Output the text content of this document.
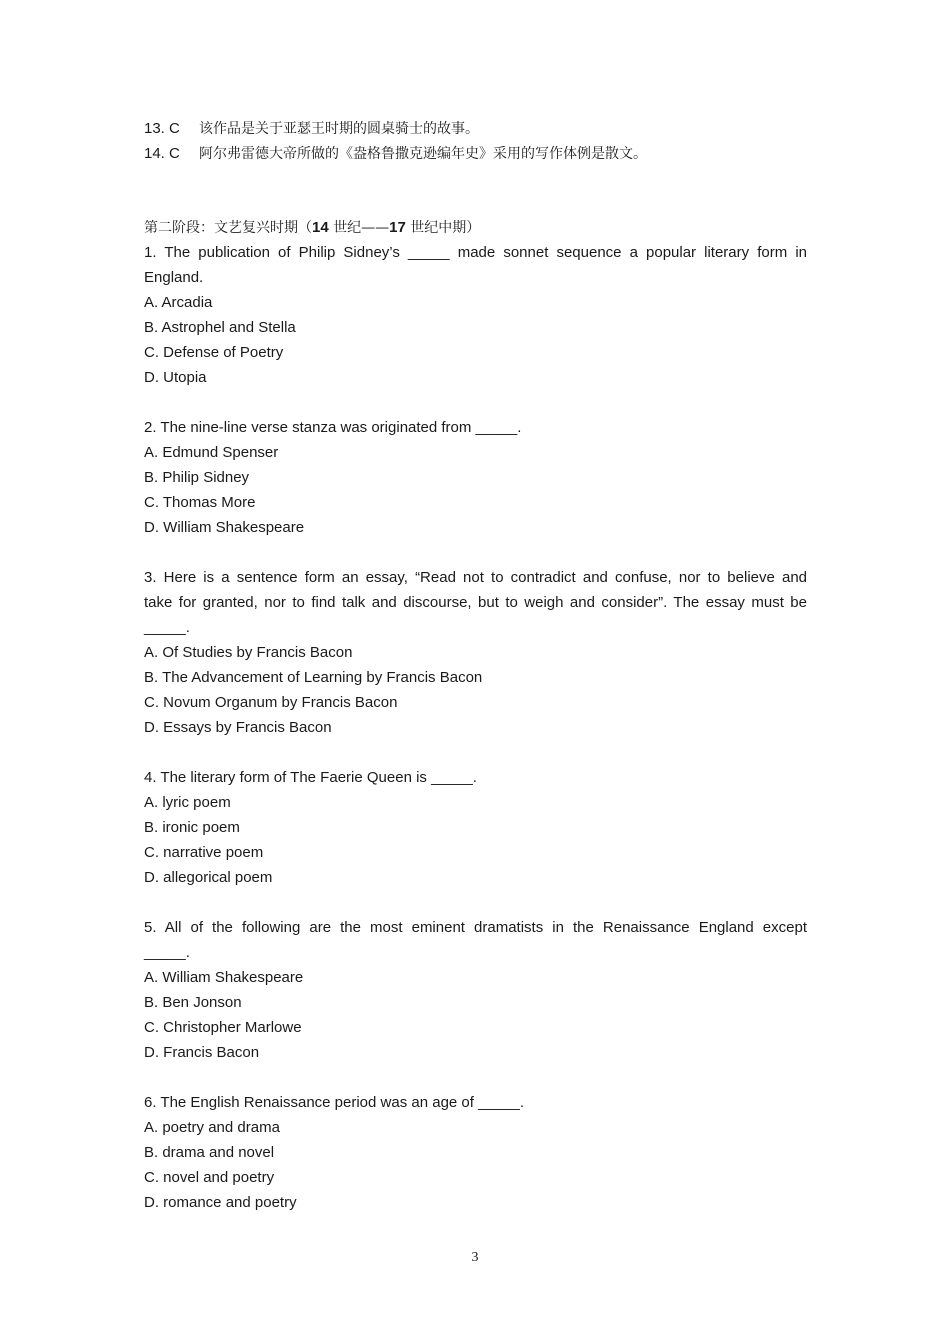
13. C 该作品是关于亚瑟王时期的圆桌骑士的故事。
14. C 阿尔弗雷德大帝所做的《盎格鲁撒克逊编年史》采用的写作体例是散文。
第二阶段：文艺复兴时期（14 世纪——17 世纪中期）
1. The publication of Philip Sidney’s _____ made sonnet sequence a popular literary form in
England.
A. Arcadia
B. Astrophel and Stella
C. Defense of Poetry
D. Utopia
2. The nine-line verse stanza was originated from _____.
A. Edmund Spenser
B. Philip Sidney
C. Thomas More
D. William Shakespeare
3. Here is a sentence form an essay, “Read not to contradict and confuse, nor to believe and
take for granted, nor to find talk and discourse, but to weigh and consider”. The essay must be
_____.
A. Of Studies by Francis Bacon
B. The Advancement of Learning by Francis Bacon
C. Novum Organum by Francis Bacon
D. Essays by Francis Bacon
4. The literary form of The Faerie Queen is _____.
A. lyric poem
B. ironic poem
C. narrative poem
D. allegorical poem
5. All of the following are the most eminent dramatists in the Renaissance England except
_____.
A. William Shakespeare
B. Ben Jonson
C. Christopher Marlowe
D. Francis Bacon
6. The English Renaissance period was an age of _____.
A. poetry and drama
B. drama and novel
C. novel and poetry
D. romance and poetry
3
